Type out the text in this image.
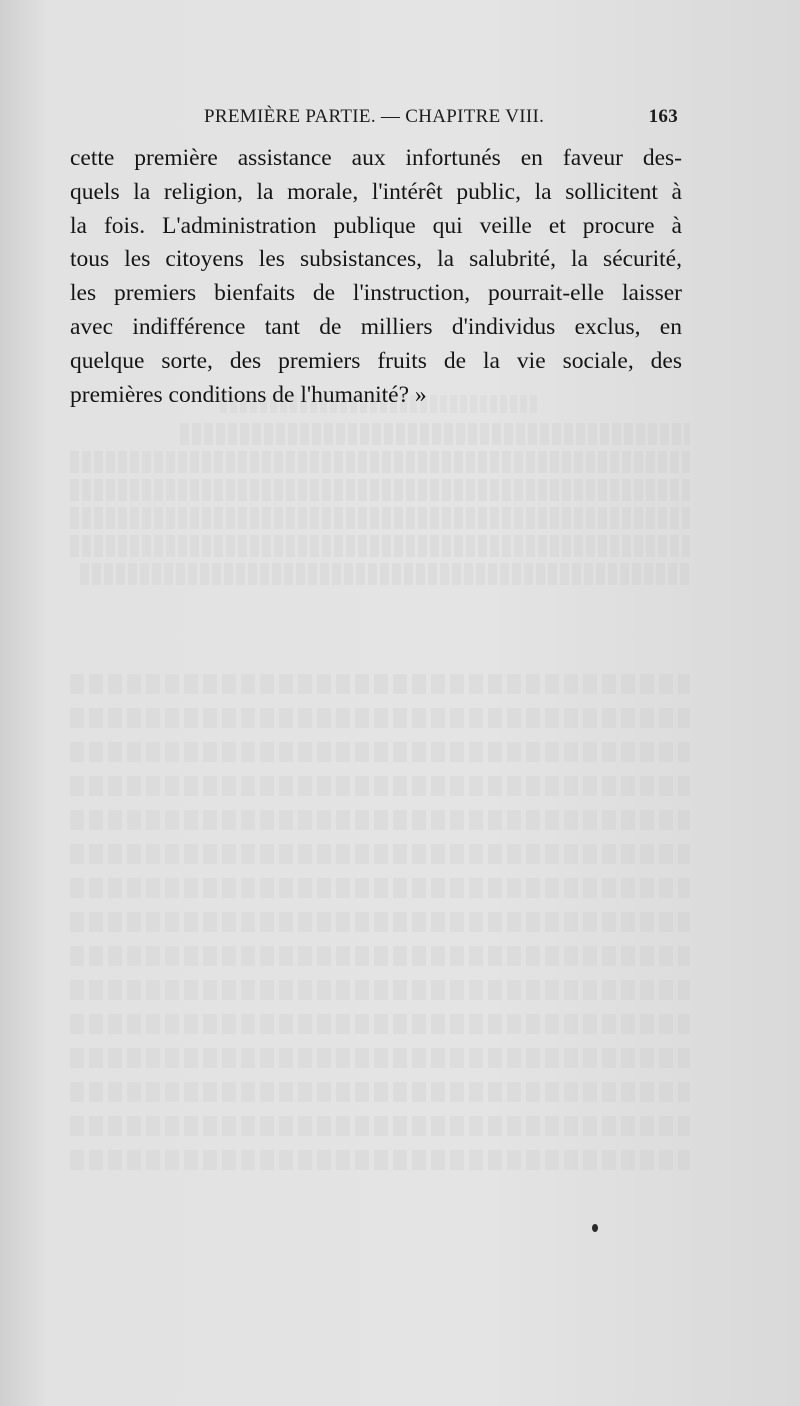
PREMIÈRE PARTIE. — CHAPITRE VIII.	163
cette première assistance aux infortunés en faveur des-
quels la religion, la morale, l'intérêt public, la sollicitent à
la fois. L'administration publique qui veille et procure à
tous les citoyens les subsistances, la salubrité, la sécurité,
les premiers bienfaits de l'instruction, pourrait-elle laisser
avec indifférence tant de milliers d'individus exclus, en
quelque sorte, des premiers fruits de la vie sociale, des
premières conditions de l'humanité? »
